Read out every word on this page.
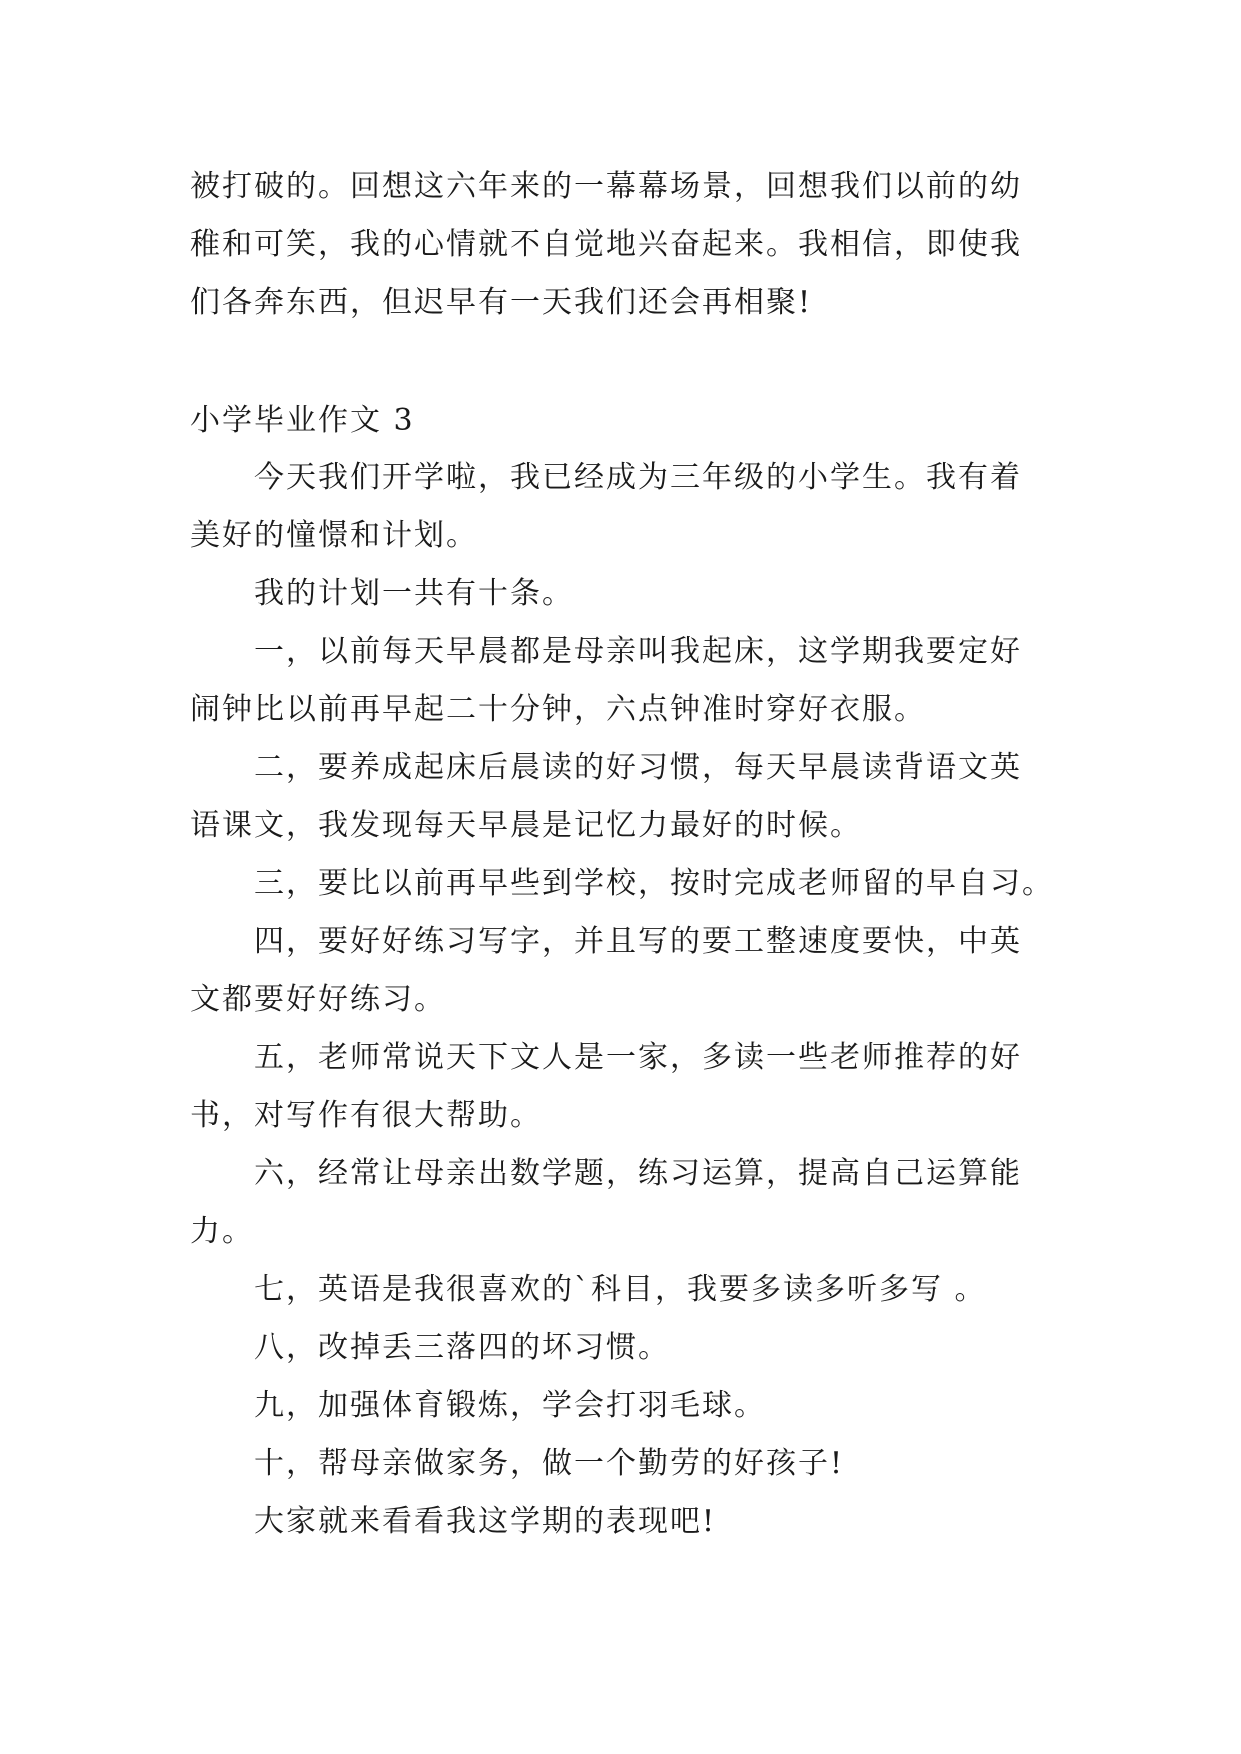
被打破的。回想这六年来的一幕幕场景，回想我们以前的幼
稚和可笑，我的心情就不自觉地兴奋起来。我相信，即使我
们各奔东西，但迟早有一天我们还会再相聚!
小学毕业作文 3
今天我们开学啦，我已经成为三年级的小学生。我有着
美好的憧憬和计划。
我的计划一共有十条。
一，以前每天早晨都是母亲叫我起床，这学期我要定好
闹钟比以前再早起二十分钟，六点钟准时穿好衣服。
二，要养成起床后晨读的好习惯，每天早晨读背语文英
语课文，我发现每天早晨是记忆力最好的时候。
三，要比以前再早些到学校，按时完成老师留的早自习。
四，要好好练习写字，并且写的要工整速度要快，中英
文都要好好练习。
五，老师常说天下文人是一家，多读一些老师推荐的好
书，对写作有很大帮助。
六，经常让母亲出数学题，练习运算，提高自己运算能
力。
七，英语是我很喜欢的`科目，我要多读多听多写 。
八，改掉丢三落四的坏习惯。
九，加强体育锻炼，学会打羽毛球。
十，帮母亲做家务，做一个勤劳的好孩子!
大家就来看看我这学期的表现吧!
